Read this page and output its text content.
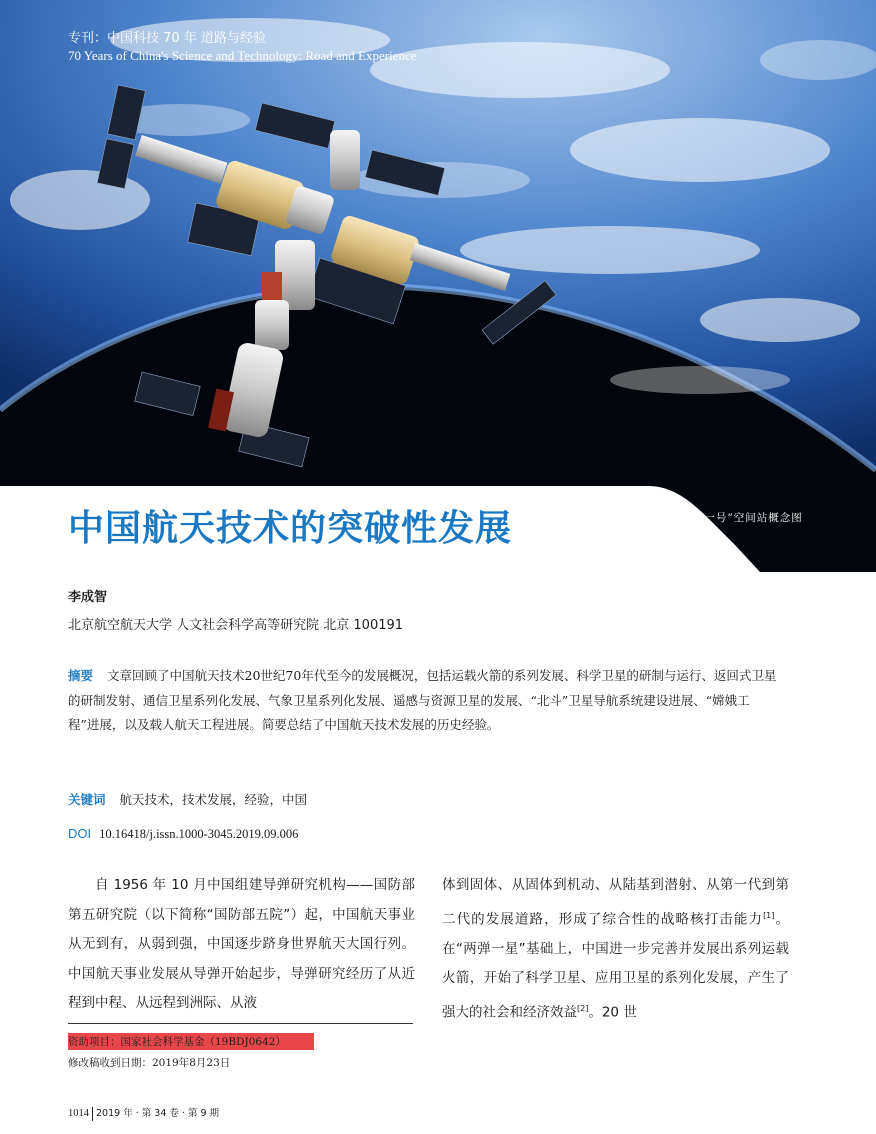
专刊：中国科技 70 年 道路与经验
70 Years of China's Science and Technology: Road and Experience
“天宫一号”空间站概念图
中国航天技术的突破性发展
李成智
北京航空航天大学 人文社会科学高等研究院 北京 100191
摘要 文章回顾了中国航天技术20世纪70年代至今的发展概况，包括运载火箭的系列发展、科学卫星的研制与运行、返回式卫星的研制发射、通信卫星系列化发展、气象卫星系列化发展、遥感与资源卫星的发展、“北斗”卫星导航系统建设进展、“嫦娥工程”进展，以及载人航天工程进展。简要总结了中国航天技术发展的历史经验。
关键词 航天技术，技术发展，经验，中国
DOI 10.16418/j.issn.1000-3045.2019.09.006

自 1956 年 10 月中国组建导弹研究机构——国防部第五研究院（以下简称“国防部五院”）起，中国航天事业从无到有，从弱到强，中国逐步跻身世界航天大国行列。中国航天事业发展从导弹开始起步，导弹研究经历了从近程到中程、从远程到洲际、从液

体到固体、从固体到机动、从陆基到潜射、从第一代到第二代的发展道路，形成了综合性的战略核打击能力[1]。在“两弹一星”基础上，中国进一步完善并发展出系列运载火箭，开始了科学卫星、应用卫星的系列化发展，产生了强大的社会和经济效益[2]。20 世

资助项目：国家社会科学基金（19BDJ0642）
修改稿收到日期：2019年8月23日
1014 2019 年 · 第 34 卷 · 第 9 期
